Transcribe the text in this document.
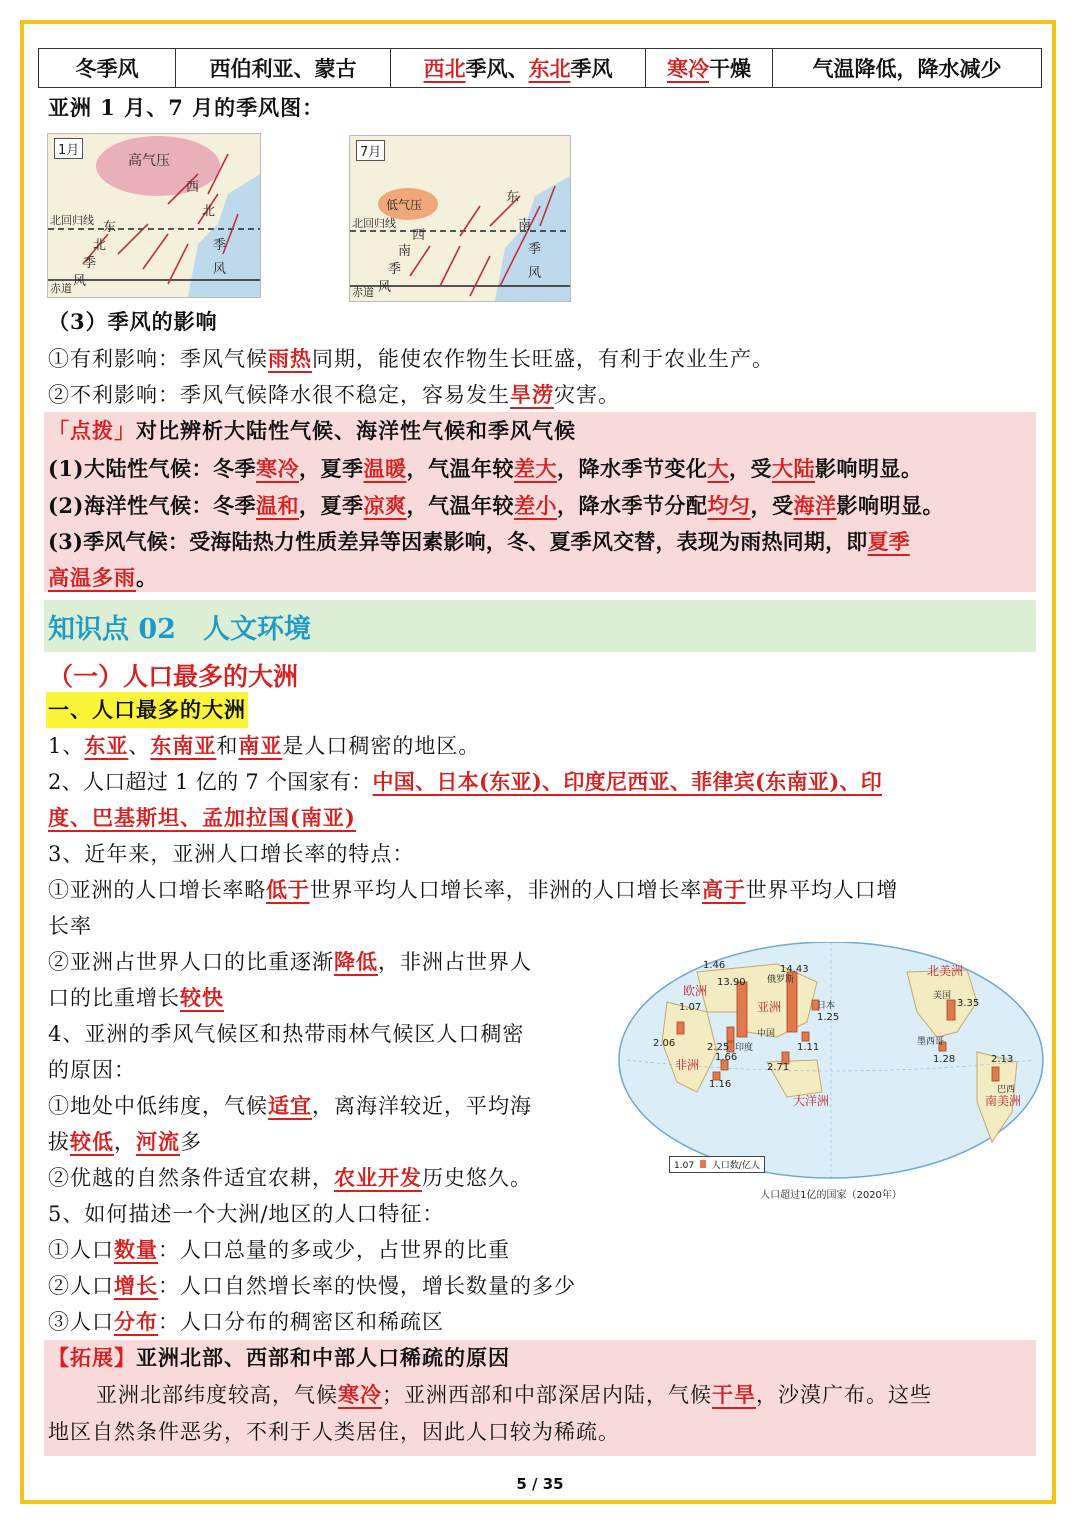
冬季风	西伯利亚、蒙古	西北季风、东北季风	寒冷干燥	气温降低，降水减少
亚洲 1 月、7 月的季风图：
1月
高气压
北回归线
赤道
东
北
季
风
西
北
季
风
7月
低气压
北回归线
赤道
西
南
季
风
东
南
季
风
（3）季风的影响
①有利影响：季风气候雨热同期，能使农作物生长旺盛，有利于农业生产。
②不利影响：季风气候降水很不稳定，容易发生旱涝灾害。
「点拨」对比辨析大陆性气候、海洋性气候和季风气候
(1)大陆性气候：冬季寒冷，夏季温暖，气温年较差大，降水季节变化大，受大陆影响明显。
(2)海洋性气候：冬季温和，夏季凉爽，气温年较差小，降水季节分配均匀，受海洋影响明显。
(3)季风气候：受海陆热力性质差异等因素影响，冬、夏季风交替，表现为雨热同期，即夏季
高温多雨。
知识点 02　人文环境
（一）人口最多的大洲
一、人口最多的大洲
1、东亚、东南亚和南亚是人口稠密的地区。
2、人口超过 1 亿的 7 个国家有：中国、日本(东亚)、印度尼西亚、菲律宾(东南亚)、印
度、巴基斯坦、孟加拉国(南亚)
3、近年来，亚洲人口增长率的特点：
①亚洲的人口增长率略低于世界平均人口增长率，非洲的人口增长率高于世界平均人口增
长率
②亚洲占世界人口的比重逐渐降低，非洲占世界人
口的比重增长较快
4、亚洲的季风气候区和热带雨林气候区人口稠密
的原因：
①地处中低纬度，气候适宜，离海洋较近，平均海
拔较低，河流多
②优越的自然条件适宜农耕，农业开发历史悠久。
5、如何描述一个大洲/地区的人口特征：
①人口数量：人口总量的多或少，占世界的比重
②人口增长：人口自然增长率的快慢，增长数量的多少
③人口分布：人口分布的稠密区和稀疏区
14.43
13.90
1.46
1.07
1.25
2.06
3.35
2.25
1.66
1.11
1.16
2.71
1.28	2.13
北美洲
南美洲
大洋洲
亚洲
欧洲
非洲
中国
美国
印度
巴西
俄罗斯
日本
墨西哥
1.07 人口数/亿人
人口超过1亿的国家（2020年）
【拓展】亚洲北部、西部和中部人口稀疏的原因
亚洲北部纬度较高，气候寒冷；亚洲西部和中部深居内陆，气候干旱，沙漠广布。这些
地区自然条件恶劣，不利于人类居住，因此人口较为稀疏。
5 / 35
